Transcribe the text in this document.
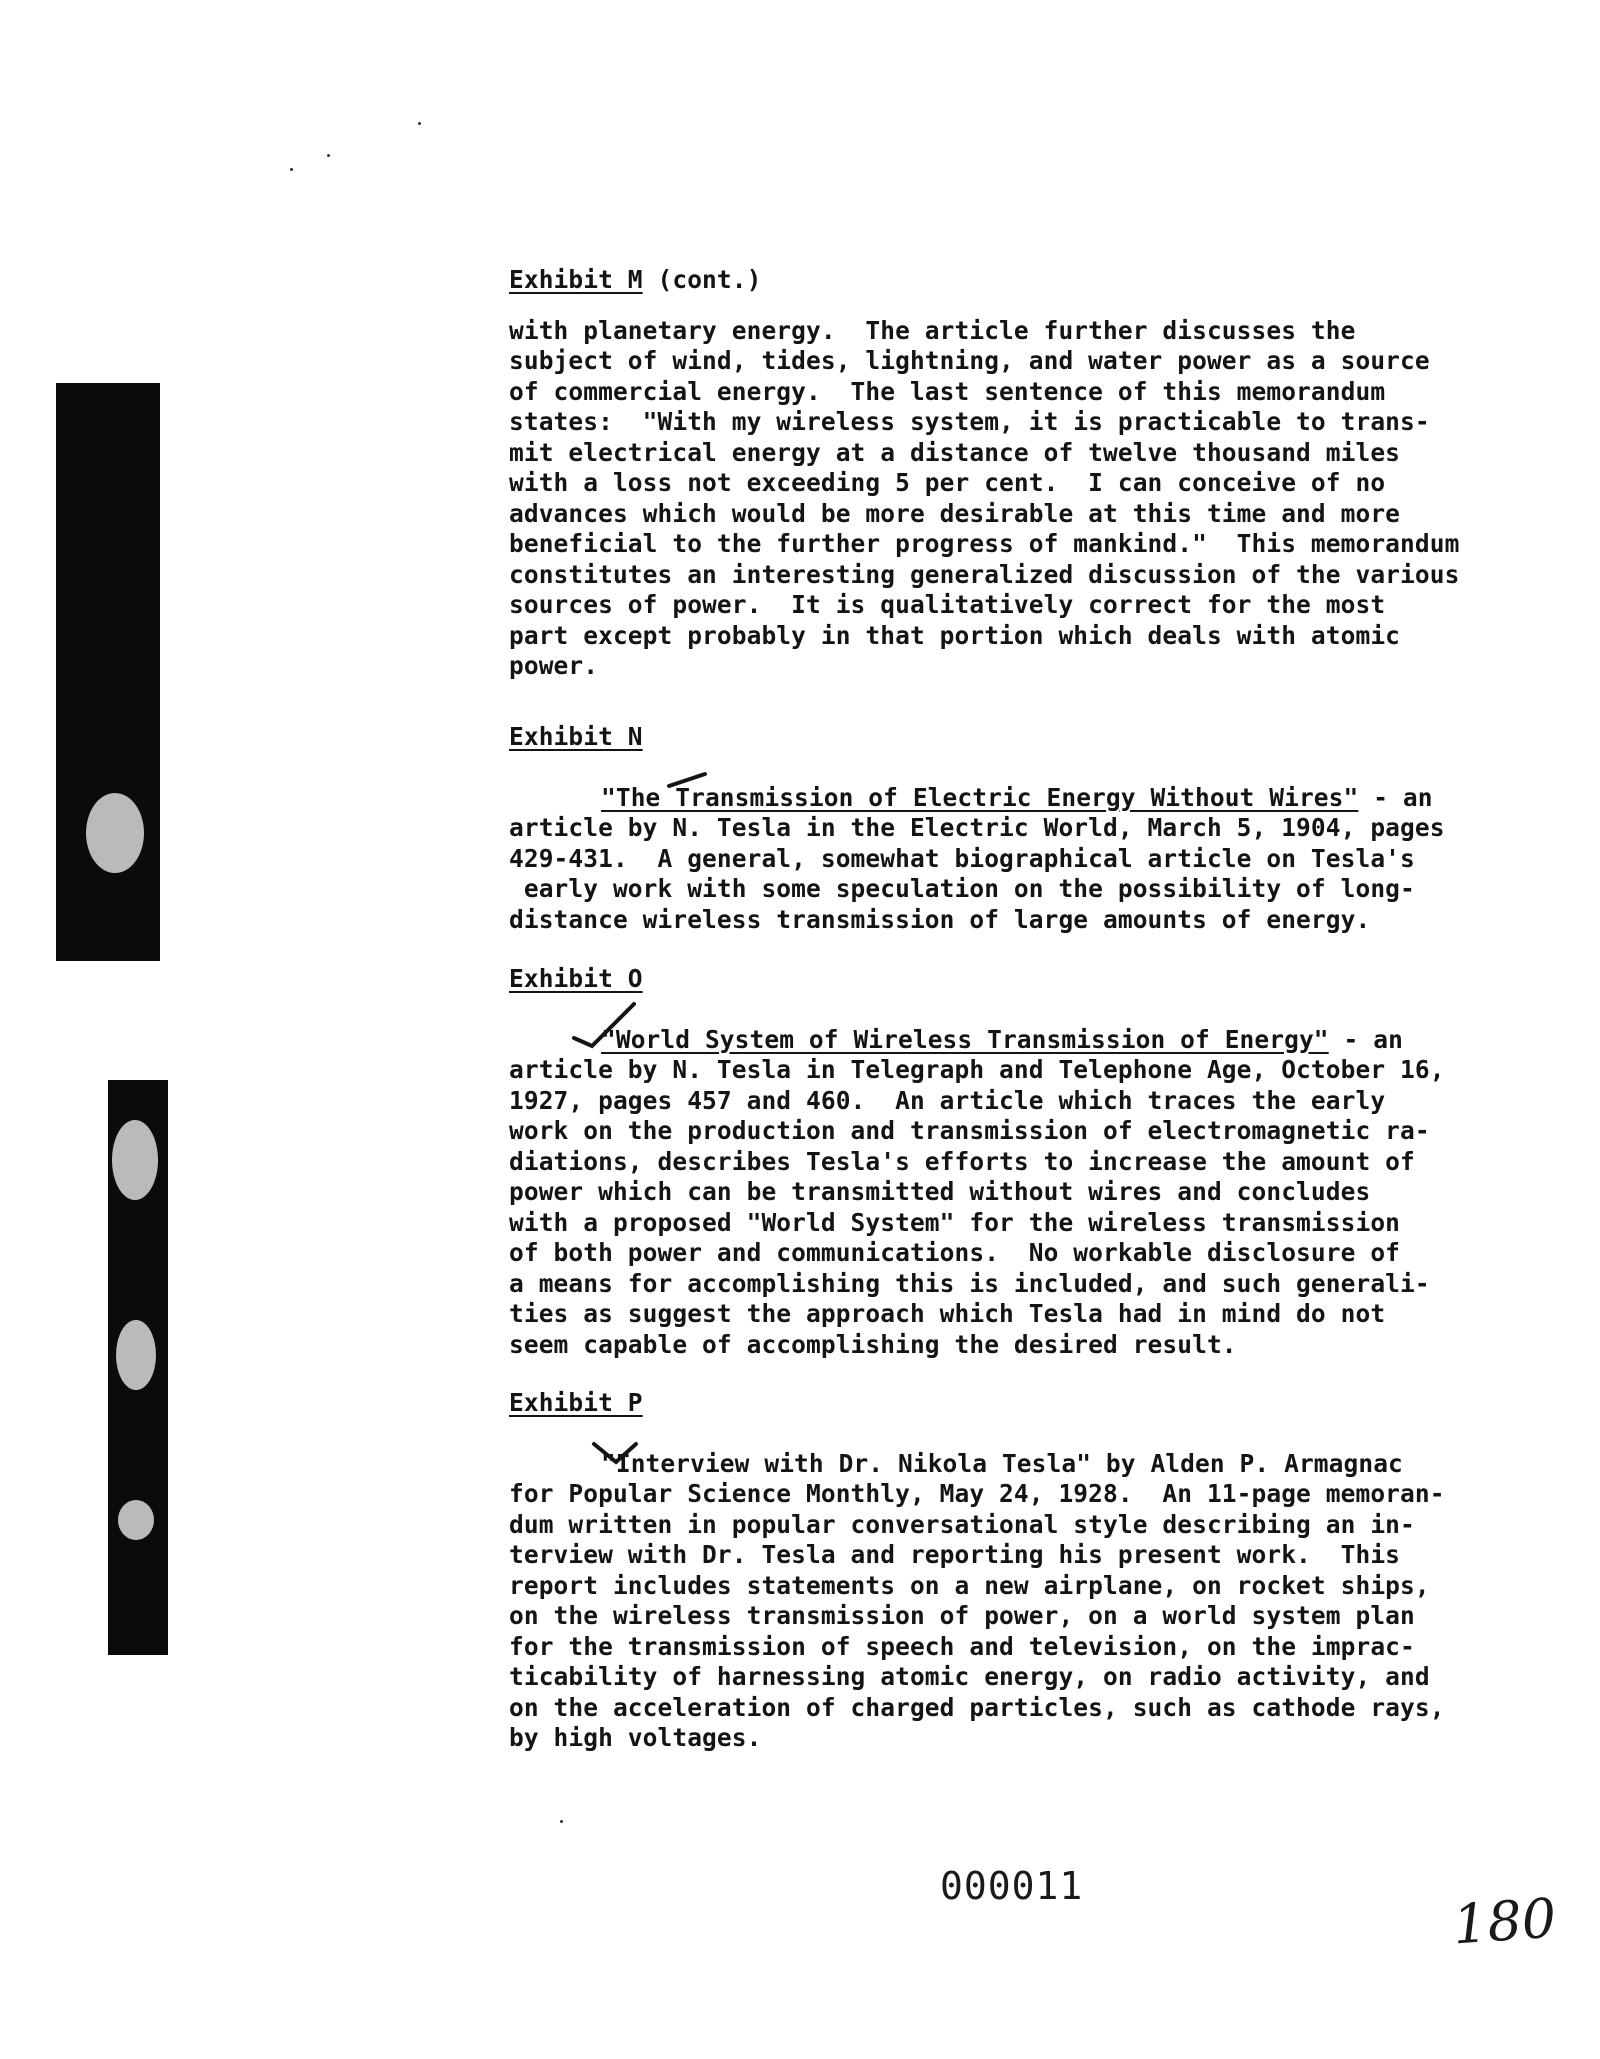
Exhibit M (cont.)
with planetary energy.  The article further discusses the
subject of wind, tides, lightning, and water power as a source
of commercial energy.  The last sentence of this memorandum
states:  "With my wireless system, it is practicable to trans-
mit electrical energy at a distance of twelve thousand miles
with a loss not exceeding 5 per cent.  I can conceive of no
advances which would be more desirable at this time and more
beneficial to the further progress of mankind."  This memorandum
constitutes an interesting generalized discussion of the various
sources of power.  It is qualitatively correct for the most
part except probably in that portion which deals with atomic
power.
Exhibit N
"The Transmission of Electric Energy Without Wires" - an
article by N. Tesla in the Electric World, March 5, 1904, pages
429-431.  A general, somewhat biographical article on Tesla's
early work with some speculation on the possibility of long-
distance wireless transmission of large amounts of energy.
Exhibit O
"World System of Wireless Transmission of Energy" - an
article by N. Tesla in Telegraph and Telephone Age, October 16,
1927, pages 457 and 460.  An article which traces the early
work on the production and transmission of electromagnetic ra-
diations, describes Tesla's efforts to increase the amount of
power which can be transmitted without wires and concludes
with a proposed "World System" for the wireless transmission
of both power and communications.  No workable disclosure of
a means for accomplishing this is included, and such generali-
ties as suggest the approach which Tesla had in mind do not
seem capable of accomplishing the desired result.
Exhibit P
"Interview with Dr. Nikola Tesla" by Alden P. Armagnac
for Popular Science Monthly, May 24, 1928.  An 11-page memoran-
dum written in popular conversational style describing an in-
terview with Dr. Tesla and reporting his present work.  This
report includes statements on a new airplane, on rocket ships,
on the wireless transmission of power, on a world system plan
for the transmission of speech and television, on the imprac-
ticability of harnessing atomic energy, on radio activity, and
on the acceleration of charged particles, such as cathode rays,
by high voltages.
000011
180
